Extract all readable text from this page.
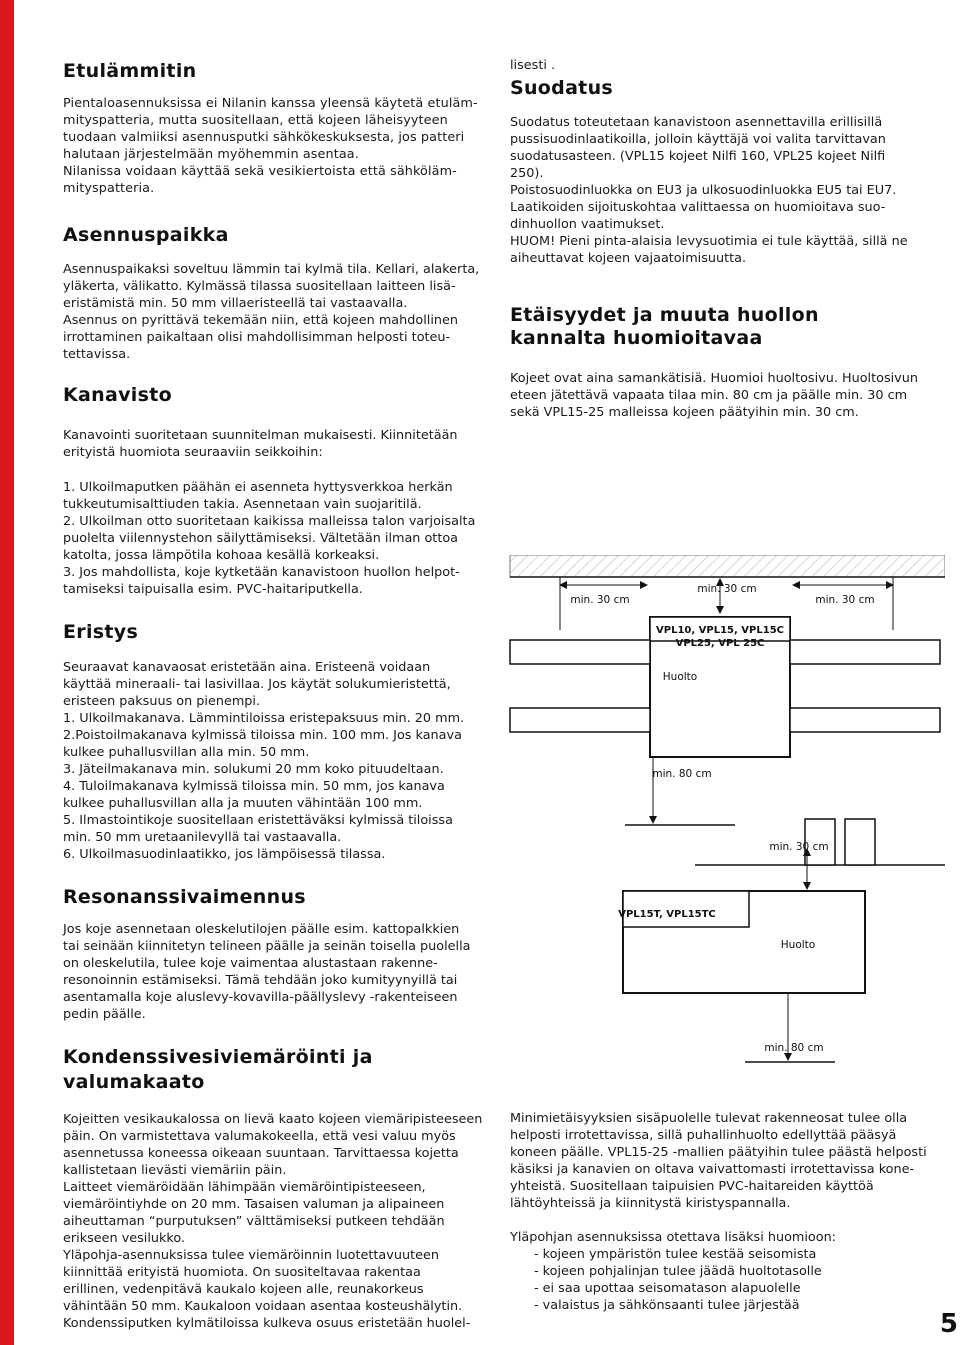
Etulämmitin
Pientaloasennuksissa ei Nilanin kanssa yleensä käytetä etuläm-
mityspatteria, mutta suositellaan, että kojeen läheisyyteen
tuodaan valmiiksi asennusputki sähkökeskuksesta, jos patteri
halutaan järjestelmään myöhemmin asentaa.
Nilanissa voidaan käyttää sekä vesikiertoista että sähköläm-
mityspatteria.
Asennuspaikka
Asennuspaikaksi soveltuu lämmin tai kylmä tila. Kellari, alakerta,
yläkerta, välikatto. Kylmässä tilassa suositellaan laitteen lisä-
eristämistä min. 50 mm villaeristeellä tai vastaavalla.
Asennus on pyrittävä tekemään niin, että kojeen mahdollinen
irrottaminen paikaltaan olisi mahdollisimman helposti toteu-
tettavissa.
Kanavisto
Kanavointi suoritetaan suunnitelman mukaisesti. Kiinnitetään
erityistä huomiota seuraaviin seikkoihin:
1. Ulkoilmaputken päähän ei asenneta hyttysverkkoa herkän
tukkeutumisalttiuden takia. Asennetaan vain suojaritilä.
2. Ulkoilman otto suoritetaan kaikissa malleissa talon varjoisalta
puolelta viilennystehon säilyttämiseksi. Vältetään ilman ottoa
katolta, jossa lämpötila kohoaa kesällä korkeaksi.
3. Jos mahdollista, koje kytketään kanavistoon huollon helpot-
tamiseksi taipuisalla esim. PVC-haitariputkella.
Eristys
Seuraavat kanavaosat eristetään aina. Eristeenä voidaan
käyttää mineraali- tai lasivillaa. Jos käytät solukumieristettä,
eristeen paksuus on pienempi.
1. Ulkoilmakanava. Lämmintiloissa eristepaksuus min. 20 mm.
2.Poistoilmakanava kylmissä tiloissa min. 100 mm. Jos kanava
kulkee puhallusvillan alla min. 50 mm.
3. Jäteilmakanava min. solukumi 20 mm koko pituudeltaan.
4. Tuloilmakanava kylmissä tiloissa min. 50 mm, jos kanava
kulkee puhallusvillan alla ja muuten vähintään 100 mm.
5. Ilmastointikoje suositellaan eristettäväksi kylmissä tiloissa
min. 50 mm uretaanilevyllä tai vastaavalla.
6. Ulkoilmasuodinlaatikko, jos lämpöisessä tilassa.
Resonanssivaimennus
Jos koje asennetaan oleskelutilojen päälle esim. kattopalkkien
tai seinään kiinnitetyn telineen päälle ja seinän toisella puolella
on oleskelutila, tulee koje vaimentaa alustastaan rakenne-
resonoinnin estämiseksi. Tämä tehdään joko kumityynyillä tai
asentamalla koje aluslevy-kovavilla-päällyslevy -rakenteiseen
pedin päälle.
Kondenssivesiviemäröinti ja
valumakaato
Kojeitten vesikaukalossa on lievä kaato kojeen viemäripisteeseen
päin. On varmistettava valumakokeella, että vesi valuu myös
asennetussa koneessa oikeaan suuntaan. Tarvittaessa kojetta
kallistetaan lievästi viemäriin päin.
Laitteet viemäröidään lähimpään viemäröintipisteeseen,
viemäröintiyhde on 20 mm. Tasaisen valuman ja alipaineen
aiheuttaman “purputuksen” välttämiseksi putkeen tehdään
erikseen vesilukko.
Yläpohja-asennuksissa tulee viemäröinnin luotettavuuteen
kiinnittää erityistä huomiota. On suositeltavaa rakentaa
erillinen, vedenpitävä kaukalo kojeen alle, reunakorkeus
vähintään 50 mm. Kaukaloon voidaan asentaa kosteushälytin.
Kondenssiputken kylmätiloissa kulkeva osuus eristetään huolel-
lisesti .
Suodatus
Suodatus toteutetaan kanavistoon asennettavilla erillisillä
pussisuodinlaatikoilla, jolloin käyttäjä voi valita tarvittavan
suodatusasteen. (VPL15 kojeet Nilfi 160, VPL25 kojeet Nilfi
250).
Poistosuodinluokka on EU3 ja ulkosuodinluokka EU5 tai EU7.
Laatikoiden sijoituskohtaa valittaessa on huomioitava suo-
dinhuollon vaatimukset.
HUOM! Pieni pinta-alaisia levysuotimia ei tule käyttää, sillä ne
aiheuttavat kojeen vajaatoimisuutta.
Etäisyydet ja muuta huollon
kannalta huomioitavaa
Kojeet ovat aina samankätisiä. Huomioi huoltosivu. Huoltosivun
eteen jätettävä vapaata tilaa min. 80 cm ja päälle min. 30 cm
sekä VPL15-25 malleissa kojeen päätyihin min. 30 cm.
Minimietäisyyksien sisäpuolelle tulevat rakenneosat tulee olla
helposti irrotettavissa, sillä puhallinhuolto edellyttää pääsyä
koneen päälle. VPL15-25 -mallien päätyihin tulee päästä helposti
käsiksi ja kanavien on oltava vaivattomasti irrotettavissa kone-
yhteistä. Suositellaan taipuisien PVC-haitareiden käyttöä
lähtöyhteissä ja kiinnitystä kiristyspannalla.
Yläpohjan asennuksissa otettava lisäksi huomioon:
- kojeen ympäristön tulee kestää seisomista
- kojeen pohjalinjan tulee jäädä huoltotasolle
- ei saa upottaa seisomatason alapuolelle
- valaistus ja sähkönsaanti tulee järjestää
VPL10, VPL15, VPL15C
VPL25, VPL 25C
Huolto
min. 30 cm
min. 30 cm
min. 30 cm
min. 80 cm
min. 30 cm
VPL15T, VPL15TC
Huolto
min. 80 cm
5
